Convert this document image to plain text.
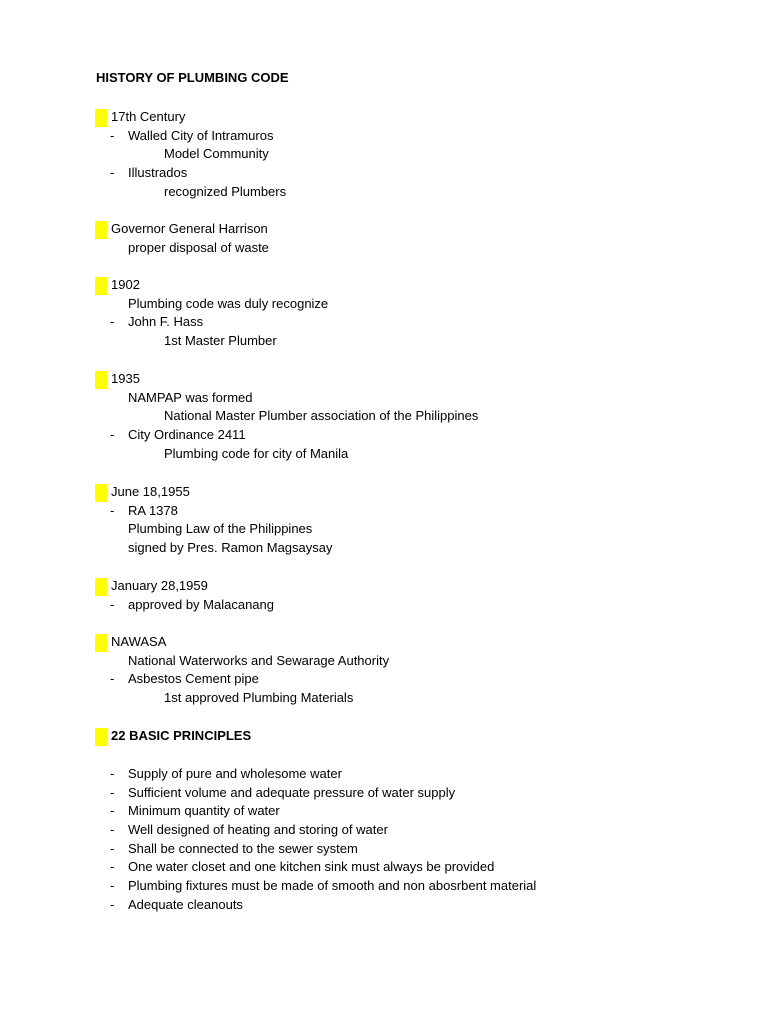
HISTORY OF PLUMBING CODE
17th Century
- Walled City of Intramuros
Model Community
- Illustrados
recognized Plumbers
Governor General Harrison
proper disposal of waste
1902
Plumbing code was duly recognize
- John F. Hass
1st Master Plumber
1935
NAMPAP was formed
National Master Plumber association of the Philippines
- City Ordinance 2411
Plumbing code for city of Manila
June 18,1955
- RA 1378
Plumbing Law of the Philippines
signed by Pres. Ramon Magsaysay
January 28,1959
- approved by Malacanang
NAWASA
National Waterworks and Sewarage Authority
- Asbestos Cement pipe
1st approved Plumbing Materials
22 BASIC PRINCIPLES
- Supply of pure and wholesome water
- Sufficient volume and adequate pressure of water supply
- Minimum quantity of water
- Well designed of heating and storing of water
- Shall be connected to the sewer system
- One water closet and one kitchen sink must always be provided
- Plumbing fixtures must be made of smooth and non abosrbent material
- Adequate cleanouts
